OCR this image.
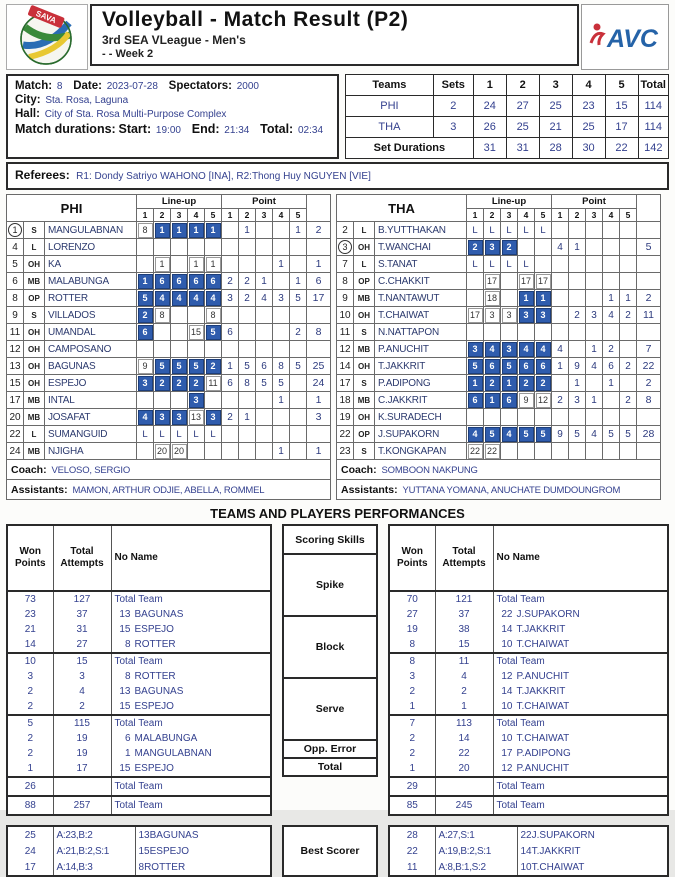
SAVA Volleyball - Match Result (P2)
3rd SEA VLeague - Men's
- - Week 2
AVC
Match: 8 Date: 2023-07-28 Spectators: 2000
City: Sta. Rosa, Laguna
Hall: City of Sta. Rosa Multi-Purpose Complex
Match durations: Start: 19:00 End: 21:34 Total: 02:34
Teams	Sets	1	2	3	4	5	Total
PHI	2	24	27	25	23	15	114
THA	3	26	25	21	25	17	114
Set Durations		31	31	28	30	22	142
Referees: R1: Dondy Satriyo WAHONO [INA], R2:Thong Huy NGUYEN [VIE]
PHI			Line-up					Point					
			1	2	3	4	5	1	2	3	4	5	
1	S	MANGULABNAN	8	1	1	1	1		1			1	2
4	L	LORENZO											
5	OH	KA		1		1	1				1		1
6	MB	MALABUNGA	1	6	6	6	6	2	2	1		1	6
8	OP	ROTTER	5	4	4	4	4	3	2	4	3	5	17
9	S	VILLADOS	2	8			8						
11	OH	UMANDAL	6			15	5	6				2	8
12	OH	CAMPOSANO											
13	OH	BAGUNAS	9	5	5	5	2	1	5	6	8	5	25
15	OH	ESPEJO	3	2	2	2	11	6	8	5	5		24
17	MB	INTAL				3					1		1
20	MB	JOSAFAT	4	3	3	13	3	2	1				3
22	L	SUMANGUID	L	L	L	L	L						
24	MB	NJIGHA		20	20						1		1
Coach: VELOSO, SERGIO													
Assistants: MAMON, ARTHUR ODJIE, ABELLA, ROMMEL													
THA			Line-up					Point					
			1	2	3	4	5	1	2	3	4	5	
2	L	B.YUTTHAKAN	L	L	L	L	L						
3	OH	T.WANCHAI	2	3	2			4	1				5
7	L	S.TANAT	L	L	L	L							
8	OP	C.CHAKKIT		17		17	17						
9	MB	T.NANTAWUT		18		1	1				1	1	2
10	OH	T.CHAIWAT	17	3	3	3	3		2	3	4	2	11
11	S	N.NATTAPON											
12	MB	P.ANUCHIT	3	4	3	4	4	4		1	2		7
14	OH	T.JAKKRIT	5	6	5	6	6	1	9	4	6	2	22
17	S	P.ADIPONG	1	2	1	2	2		1		1		2
18	MB	C.JAKKRIT	6	1	6	9	12	2	3	1		2	8
19	OH	K.SURADECH											
22	OP	J.SUPAKORN	4	5	4	5	5	9	5	4	5	5	28
23	S	T.KONGKAPAN	22	22									
Coach: SOMBOON NAKPUNG													
Assistants: YUTTANA YOMANA, ANUCHATE DUMDOUNGROM													
TEAMS AND PLAYERS PERFORMANCES
Won Points	Total Attempts	No Name
73	127	Total Team
23	37	13 BAGUNAS
21	31	15 ESPEJO
14	27	8 ROTTER
10	15	Total Team
3	3	8 ROTTER
2	4	13 BAGUNAS
2	2	15 ESPEJO
5	115	Total Team
2	19	6 MALABUNGA
2	19	1 MANGULABNAN
1	17	15 ESPEJO
26		Total Team
88	257	Total Team
Scoring Skills
Spike
Block
Serve
Opp. Error
Total
Won Points	Total Attempts	No Name
70	121	Total Team
27	37	22 J.SUPAKORN
19	38	14 T.JAKKRIT
8	15	10 T.CHAIWAT
8	11	Total Team
3	4	12 P.ANUCHIT
2	2	14 T.JAKKRIT
1	1	10 T.CHAIWAT
7	113	Total Team
2	14	10 T.CHAIWAT
2	22	17 P.ADIPONG
1	20	12 P.ANUCHIT
29		Total Team
85	245	Total Team
25	A:23,B:2	13BAGUNAS
24	A:21,B:2,S:1	15ESPEJO
17	A:14,B:3	8ROTTER
Best Scorer
28	A:27,S:1	22J.SUPAKORN
22	A:19,B:2,S:1	14T.JAKKRIT
11	A:8,B:1,S:2	10T.CHAIWAT
